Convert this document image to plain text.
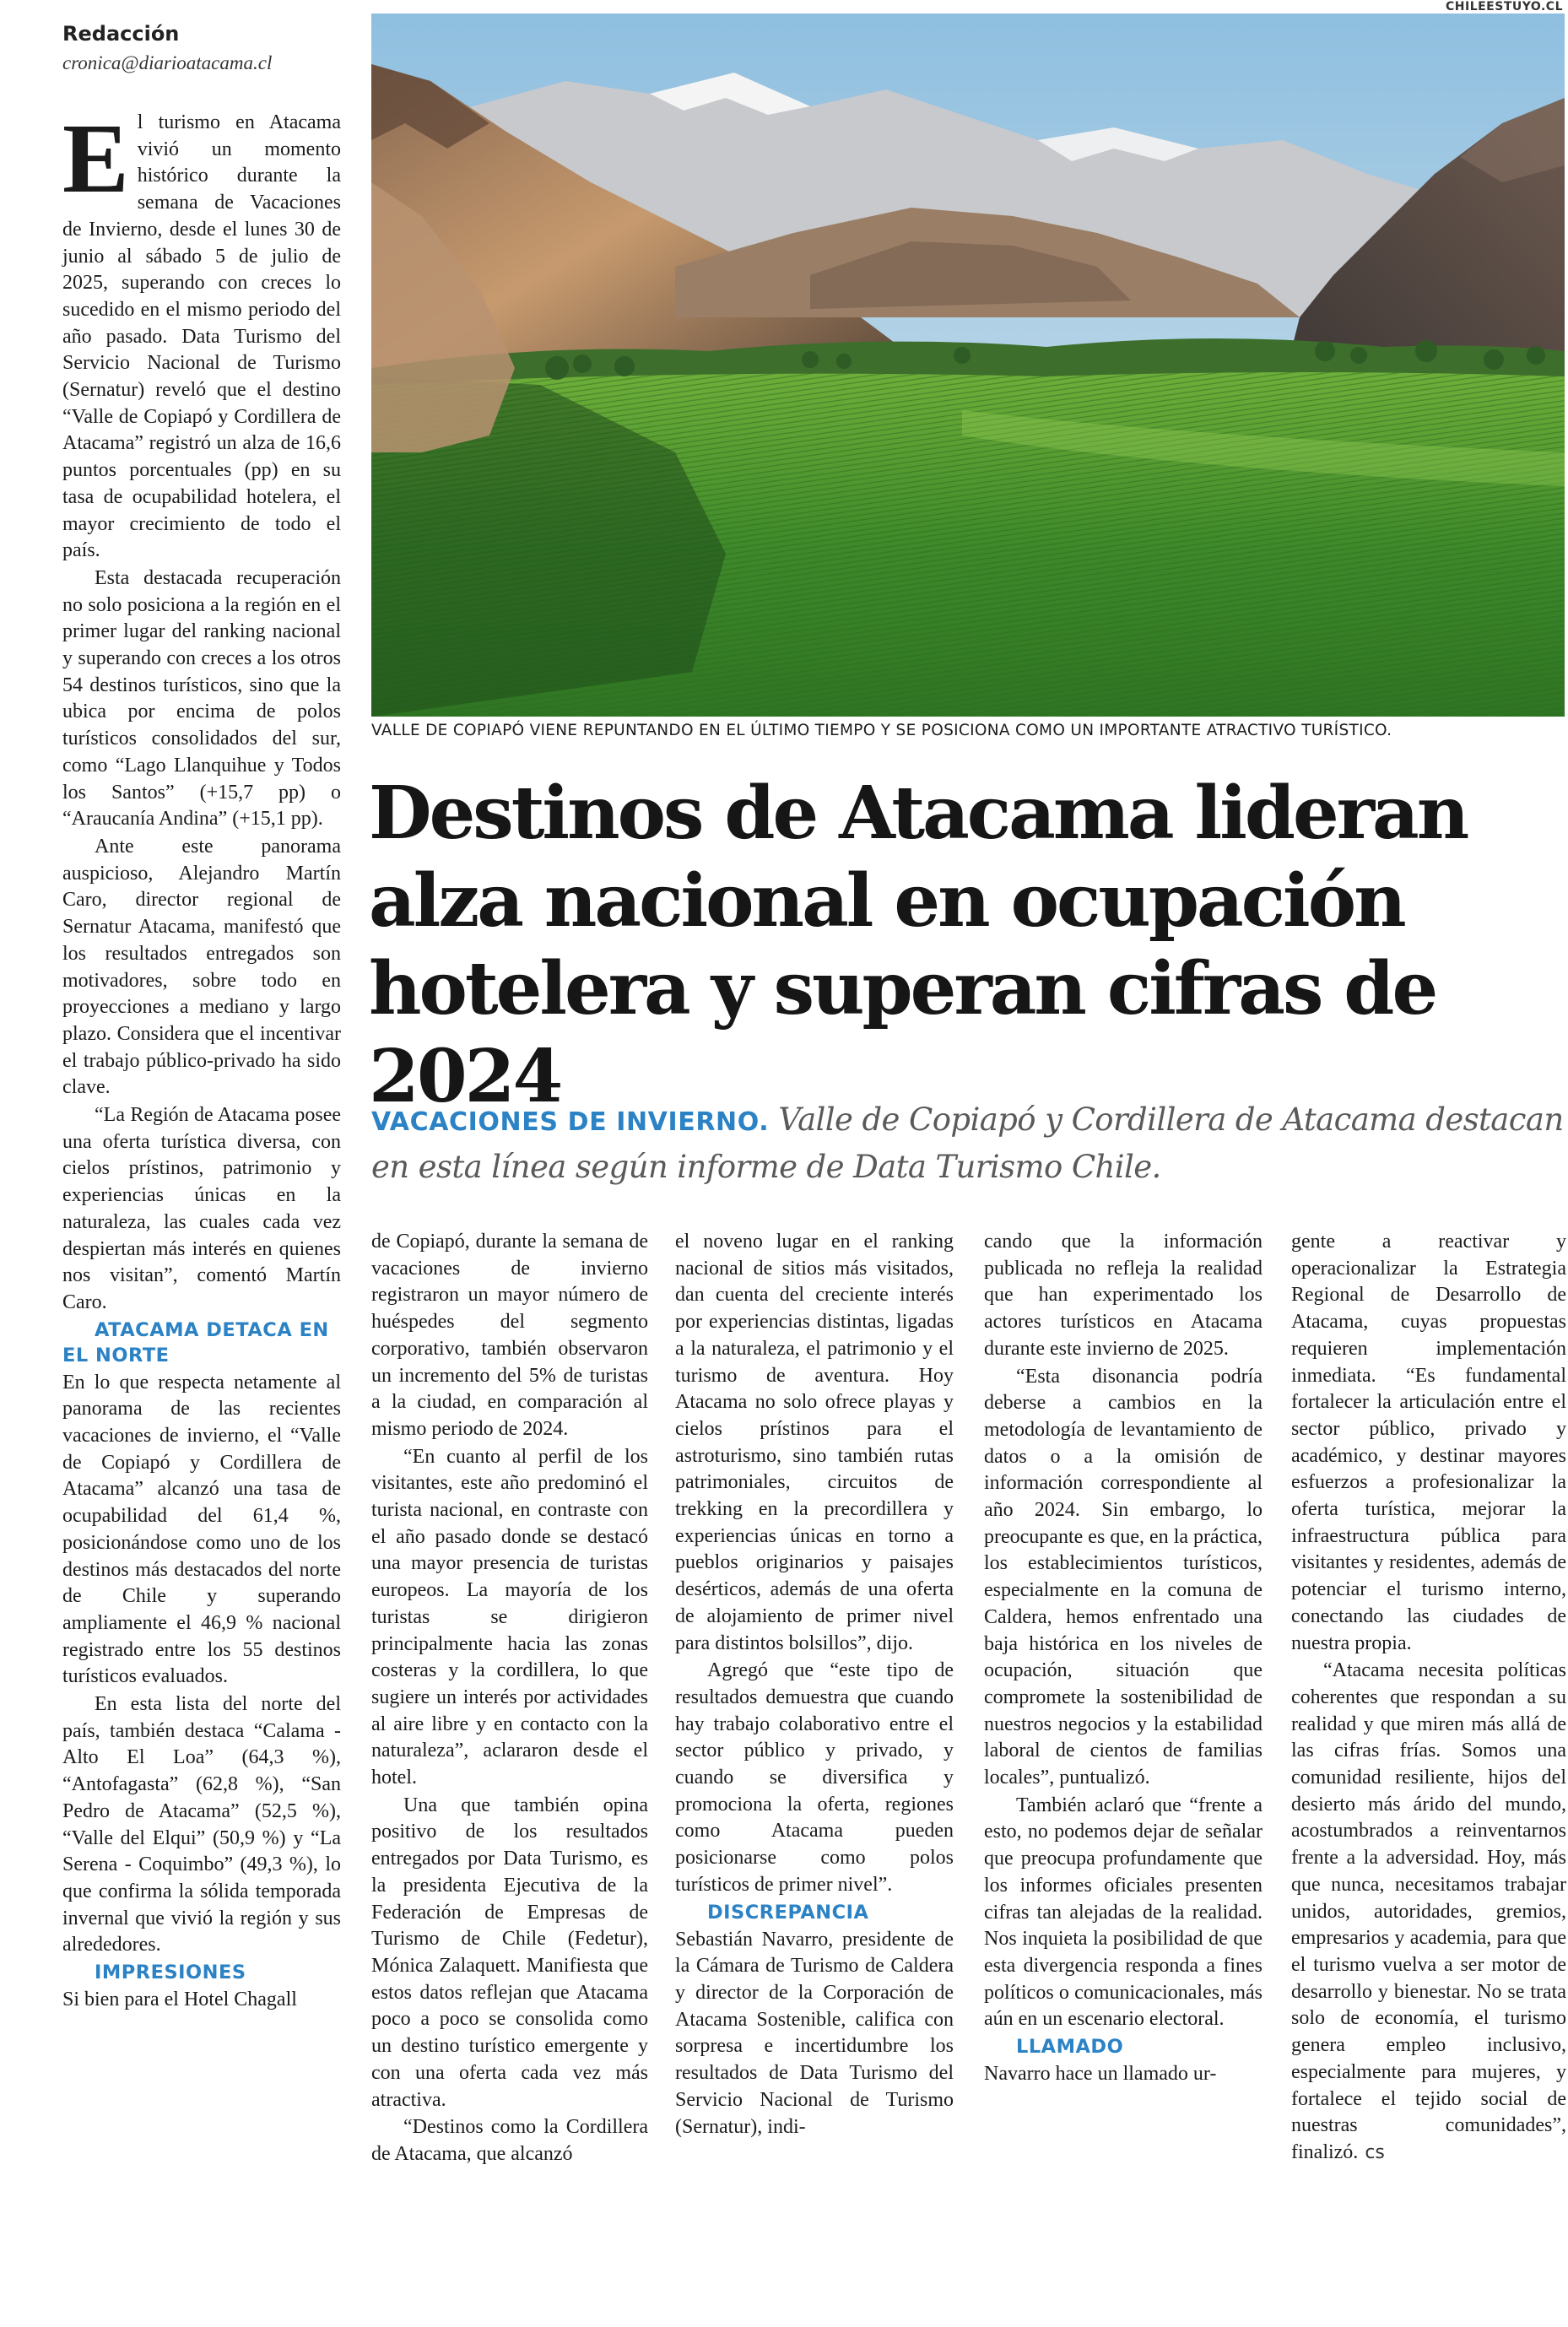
CHILEESTUYO.CL
Redacción
cronica@diarioatacama.cl
VALLE DE COPIAPÓ VIENE REPUNTANDO EN EL ÚLTIMO TIEMPO Y SE POSICIONA COMO UN IMPORTANTE ATRACTIVO TURÍSTICO.
Destinos de Atacama lideran alza nacional en ocupación hotelera y superan cifras de 2024
VACACIONES DE INVIERNO. Valle de Copiapó y Cordillera de Atacama destacan en esta línea según informe de Data Turismo Chile.

El turismo en Atacama vivió un momento histórico durante la semana de Vacaciones de Invierno, desde el lunes 30 de junio al sábado 5 de julio de 2025, superando con creces lo sucedido en el mismo periodo del año pasado. Data Turismo del Servicio Nacional de Turismo (Sernatur) reveló que el destino “Valle de Copiapó y Cordillera de Atacama” registró un alza de 16,6 puntos porcentuales (pp) en su tasa de ocupabilidad hotelera, el mayor crecimiento de todo el país.

Esta destacada recuperación no solo posiciona a la región en el primer lugar del ranking nacional y superando con creces a los otros 54 destinos turísticos, sino que la ubica por encima de polos turísticos consolidados del sur, como “Lago Llanquihue y Todos los Santos” (+15,7 pp) o “Araucanía Andina” (+15,1 pp).

Ante este panorama auspicioso, Alejandro Martín Caro, director regional de Sernatur Atacama, manifestó que los resultados entregados son motivadores, sobre todo en proyecciones a mediano y largo plazo. Considera que el incentivar el trabajo público-privado ha sido clave.

“La Región de Atacama posee una oferta turística diversa, con cielos prístinos, patrimonio y experiencias únicas en la naturaleza, las cuales cada vez despiertan más interés en quienes nos visitan”, comentó Martín Caro.

ATACAMA DETACA EN EL NORTE

En lo que respecta netamente al panorama de las recientes vacaciones de invierno, el “Valle de Copiapó y Cordillera de Atacama” alcanzó una tasa de ocupabilidad del 61,4 %, posicionándose como uno de los destinos más destacados del norte de Chile y superando ampliamente el 46,9 % nacional registrado entre los 55 destinos turísticos evaluados.

En esta lista del norte del país, también destaca “Calama - Alto El Loa” (64,3 %), “Antofagasta” (62,8 %), “San Pedro de Atacama” (52,5 %), “Valle del Elqui” (50,9 %) y “La Serena - Coquimbo” (49,3 %), lo que confirma la sólida temporada invernal que vivió la región y sus alrededores.

IMPRESIONES

Si bien para el Hotel Chagall

de Copiapó, durante la semana de vacaciones de invierno registraron un mayor número de huéspedes del segmento corporativo, también observaron un incremento del 5% de turistas a la ciudad, en comparación al mismo periodo de 2024.

“En cuanto al perfil de los visitantes, este año predominó el turista nacional, en contraste con el año pasado donde se destacó una mayor presencia de turistas europeos. La mayoría de los turistas se dirigieron principalmente hacia las zonas costeras y la cordillera, lo que sugiere un interés por actividades al aire libre y en contacto con la naturaleza”, aclararon desde el hotel.

Una que también opina positivo de los resultados entregados por Data Turismo, es la presidenta Ejecutiva de la Federación de Empresas de Turismo de Chile (Fedetur), Mónica Zalaquett. Manifiesta que estos datos reflejan que Atacama poco a poco se consolida como un destino turístico emergente y con una oferta cada vez más atractiva.

“Destinos como la Cordillera de Atacama, que alcanzó

el noveno lugar en el ranking nacional de sitios más visitados, dan cuenta del creciente interés por experiencias distintas, ligadas a la naturaleza, el patrimonio y el turismo de aventura. Hoy Atacama no solo ofrece playas y cielos prístinos para el astroturismo, sino también rutas patrimoniales, circuitos de trekking en la precordillera y experiencias únicas en torno a pueblos originarios y paisajes desérticos, además de una oferta de alojamiento de primer nivel para distintos bolsillos”, dijo.

Agregó que “este tipo de resultados demuestra que cuando hay trabajo colaborativo entre el sector público y privado, y cuando se diversifica y promociona la oferta, regiones como Atacama pueden posicionarse como polos turísticos de primer nivel”.

DISCREPANCIA

Sebastián Navarro, presidente de la Cámara de Turismo de Caldera y director de la Corporación de Atacama Sostenible, califica con sorpresa e incertidumbre los resultados de Data Turismo del Servicio Nacional de Turismo (Sernatur), indi-

cando que la información publicada no refleja la realidad que han experimentado los actores turísticos en Atacama durante este invierno de 2025.

“Esta disonancia podría deberse a cambios en la metodología de levantamiento de datos o a la omisión de información correspondiente al año 2024. Sin embargo, lo preocupante es que, en la práctica, los establecimientos turísticos, especialmente en la comuna de Caldera, hemos enfrentado una baja histórica en los niveles de ocupación, situación que compromete la sostenibilidad de nuestros negocios y la estabilidad laboral de cientos de familias locales”, puntualizó.

También aclaró que “frente a esto, no podemos dejar de señalar que preocupa profundamente que los informes oficiales presenten cifras tan alejadas de la realidad. Nos inquieta la posibilidad de que esta divergencia responda a fines políticos o comunicacionales, más aún en un escenario electoral.

LLAMADO

Navarro hace un llamado ur-

gente a reactivar y operacionalizar la Estrategia Regional de Desarrollo de Atacama, cuyas propuestas requieren implementación inmediata. “Es fundamental fortalecer la articulación entre el sector público, privado y académico, y destinar mayores esfuerzos a profesionalizar la oferta turística, mejorar la infraestructura pública para visitantes y residentes, además de potenciar el turismo interno, conectando las ciudades de nuestra propia.

“Atacama necesita políticas coherentes que respondan a su realidad y que miren más allá de las cifras frías. Somos una comunidad resiliente, hijos del desierto más árido del mundo, acostumbrados a reinventarnos frente a la adversidad. Hoy, más que nunca, necesitamos trabajar unidos, autoridades, gremios, empresarios y academia, para que el turismo vuelva a ser motor de desarrollo y bienestar. No se trata solo de economía, el turismo genera empleo inclusivo, especialmente para mujeres, y fortalece el tejido social de nuestras comunidades”, finalizó. cs
